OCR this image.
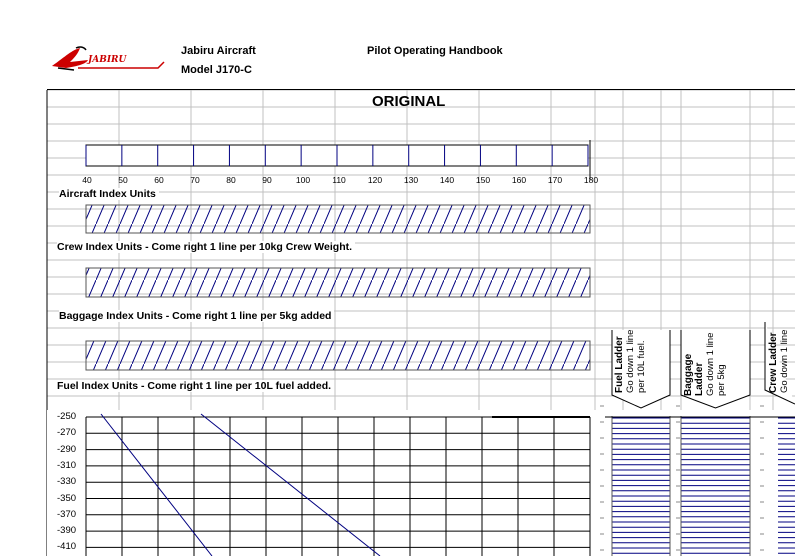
JABIRU
Jabiru Aircraft
Model J170-C
Pilot Operating Handbook
ORIGINAL
40	50	60	70	80	90	100	110	120	130	140	150	160	170	180
Aircraft Index Units
Crew Index Units - Come right 1 line per 10kg Crew Weight.
Baggage Index Units - Come right 1 line per 5kg added
Fuel Index Units - Come right 1 line per 10L fuel added.
-250
-270
-290
-310
-330
-350
-370
-390
-410
Fuel Ladder
Go down 1 line
per 10L fuel.	Baggage
Ladder
Go down 1 line
per 5kg	Crew Ladder
Go down 1 line
